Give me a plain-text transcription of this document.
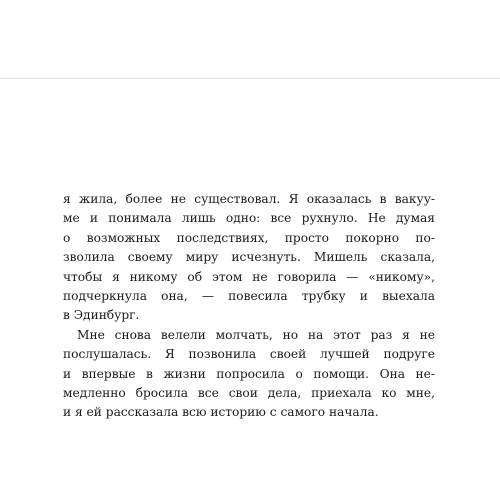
я жила, более не существовал. Я оказалась в вакуу-
ме и понимала лишь одно: все рухнуло. Не думая
о возможных последствиях, просто покорно по-
зволила своему миру исчезнуть. Мишель сказала,
чтобы я никому об этом не говорила — «никому»,
подчеркнула она, — повесила трубку и выехала
в Эдинбург.
Мне снова велели молчать, но на этот раз я не
послушалась. Я позвонила своей лучшей подруге
и впервые в жизни попросила о помощи. Она не-
медленно бросила все свои дела, приехала ко мне,
и я ей рассказала всю историю с самого начала.
